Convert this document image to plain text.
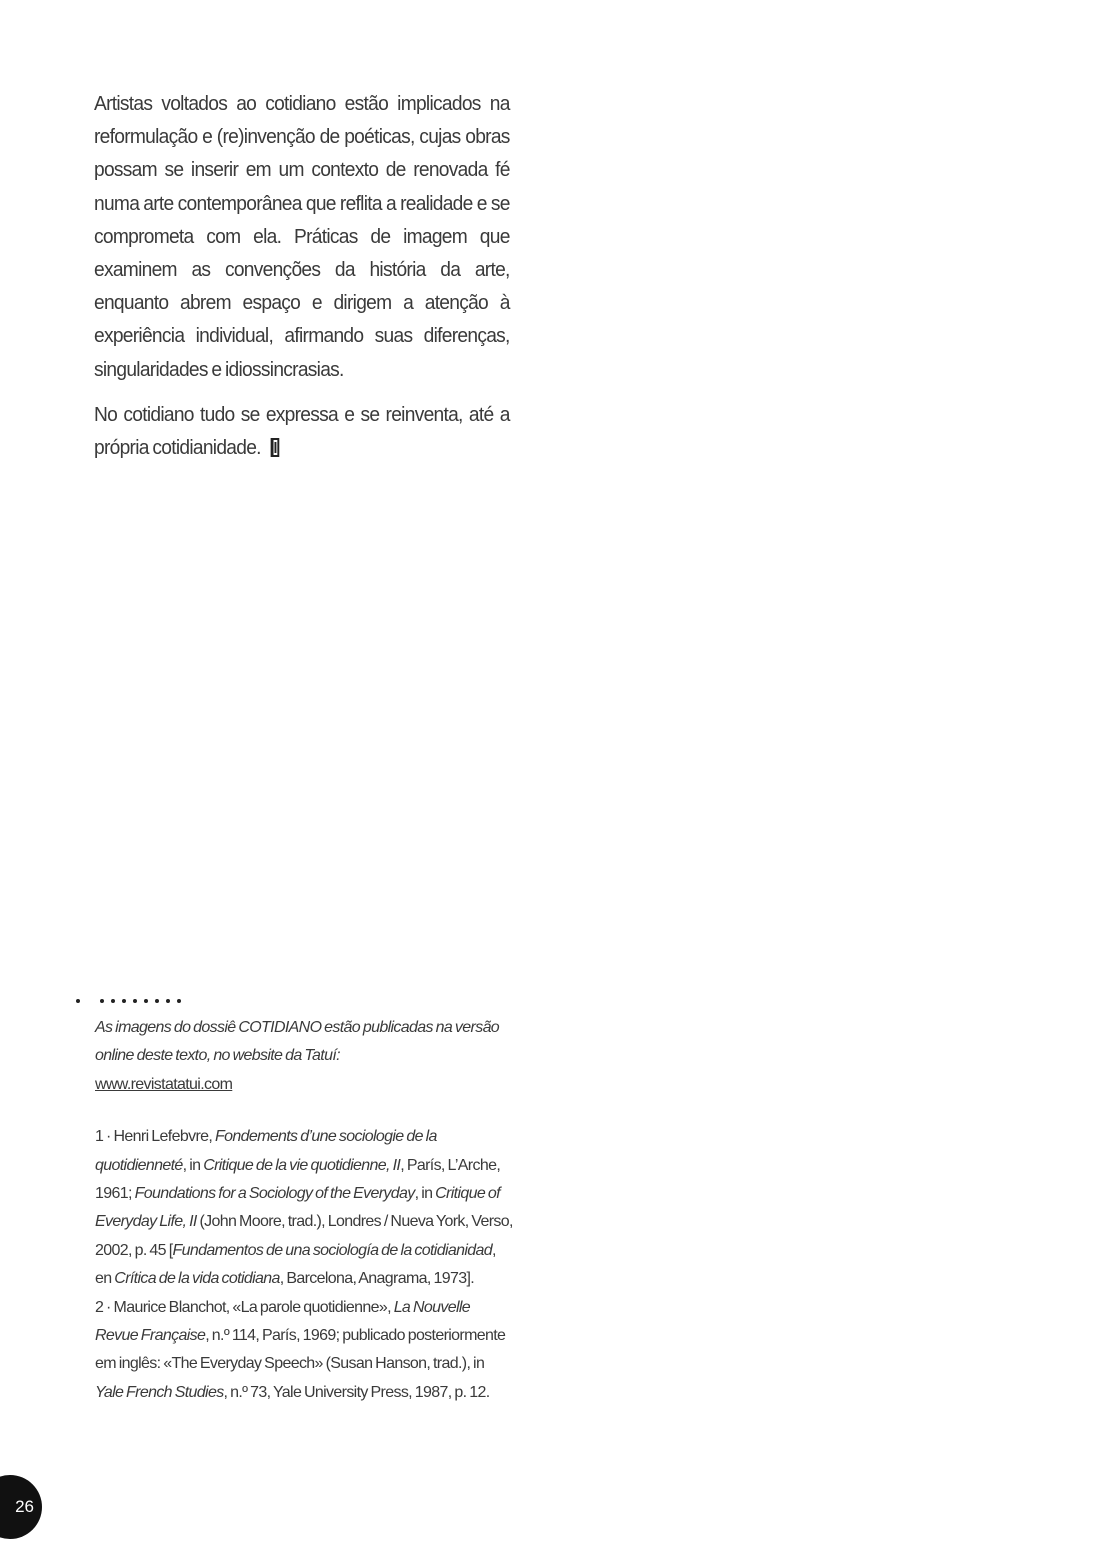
Artistas voltados ao cotidiano estão implicados na reformulação e (re)invenção de poéticas, cujas obras possam se inserir em um contexto de renovada fé numa arte contemporânea que reflita a realidade e se comprometa com ela. Práticas de imagem que examinem as convenções da história da arte, enquanto abrem espaço e dirigem a atenção à experiência individual, afirmando suas diferenças, singularidades e idiossincrasias.

No cotidiano tudo se expressa e se reinventa, até a própria cotidianidade.

As imagens do dossiê COTIDIANO estão publicadas na versão online deste texto, no website da Tatuí:
www.revistatatui.com

1 · Henri Lefebvre, Fondements d’une sociologie de la quotidienneté, in Critique de la vie quotidienne, II, París, L’Arche, 1961; Foundations for a Sociology of the Everyday, in Critique of Everyday Life, II (John Moore, trad.), Londres / Nueva York, Verso, 2002, p. 45 [Fundamentos de una sociología de la cotidianidad, en Crítica de la vida cotidiana, Barcelona, Anagrama, 1973].

2 · Maurice Blanchot, «La parole quotidienne», La Nouvelle Revue Française, n.º 114, París, 1969; publicado posteriormente em inglês: «The Everyday Speech» (Susan Hanson, trad.), in Yale French Studies, n.º 73, Yale University Press, 1987, p. 12.

26
